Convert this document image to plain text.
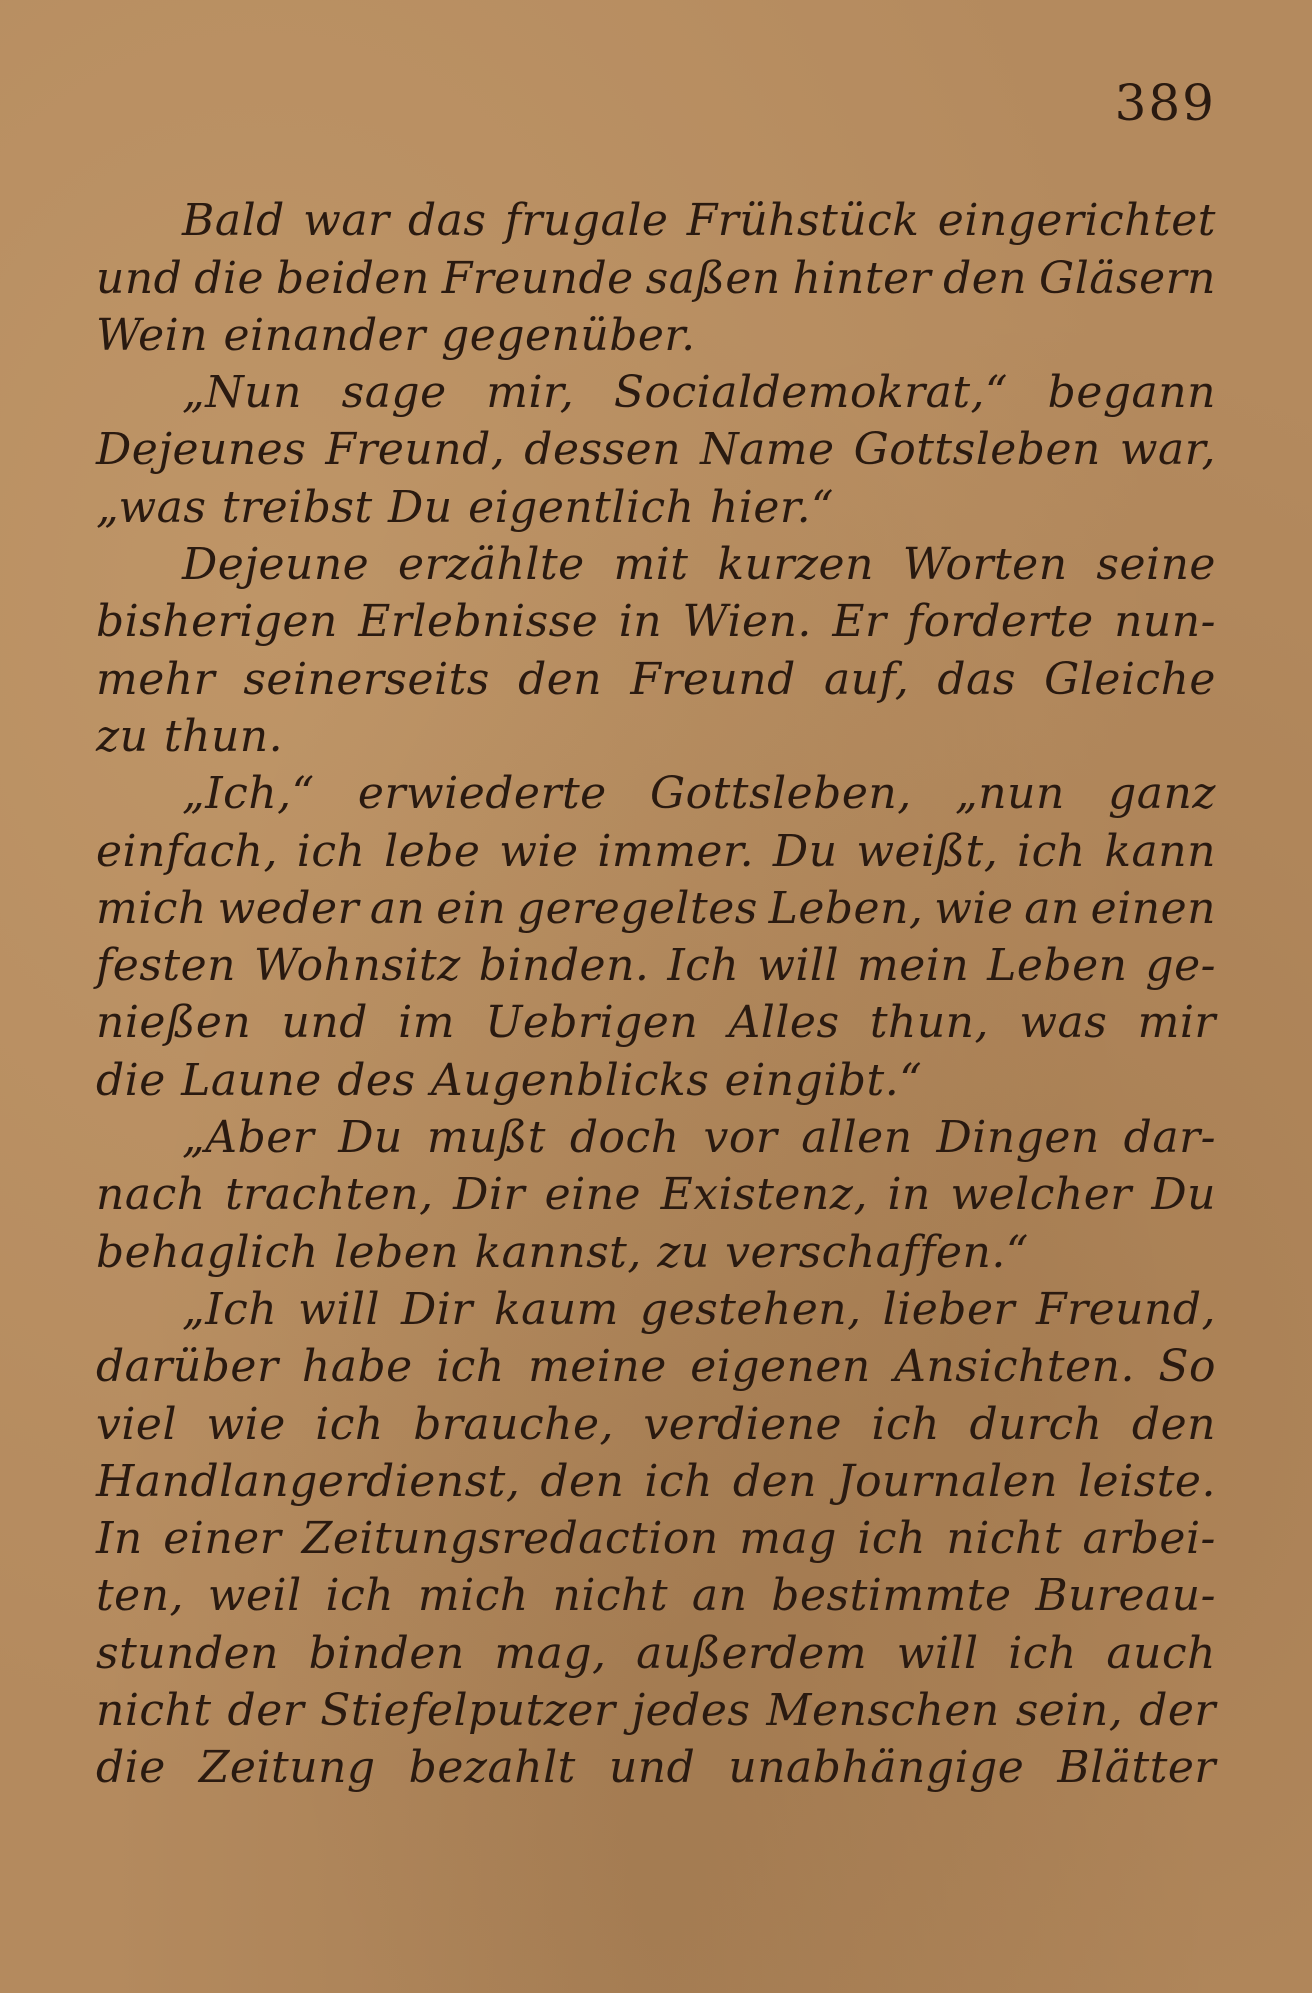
389
Bald war das frugale Frühstück eingerichtet
und die beiden Freunde saßen hinter den Gläsern
Wein einander gegenüber.
„Nun sage mir, Socialdemokrat,“ begann
Dejeunes Freund, dessen Name Gottsleben war,
„was treibst Du eigentlich hier.“
Dejeune erzählte mit kurzen Worten seine
bisherigen Erlebnisse in Wien. Er forderte nun-
mehr seinerseits den Freund auf, das Gleiche
zu thun.
„Ich,“ erwiederte Gottsleben, „nun ganz
einfach, ich lebe wie immer. Du weißt, ich kann
mich weder an ein geregeltes Leben, wie an einen
festen Wohnsitz binden. Ich will mein Leben ge-
nießen und im Uebrigen Alles thun, was mir
die Laune des Augenblicks eingibt.“
„Aber Du mußt doch vor allen Dingen dar-
nach trachten, Dir eine Existenz, in welcher Du
behaglich leben kannst, zu verschaffen.“
„Ich will Dir kaum gestehen, lieber Freund,
darüber habe ich meine eigenen Ansichten. So
viel wie ich brauche, verdiene ich durch den
Handlangerdienst, den ich den Journalen leiste.
In einer Zeitungsredaction mag ich nicht arbei-
ten, weil ich mich nicht an bestimmte Bureau-
stunden binden mag, außerdem will ich auch
nicht der Stiefelputzer jedes Menschen sein, der
die Zeitung bezahlt und unabhängige Blätter
